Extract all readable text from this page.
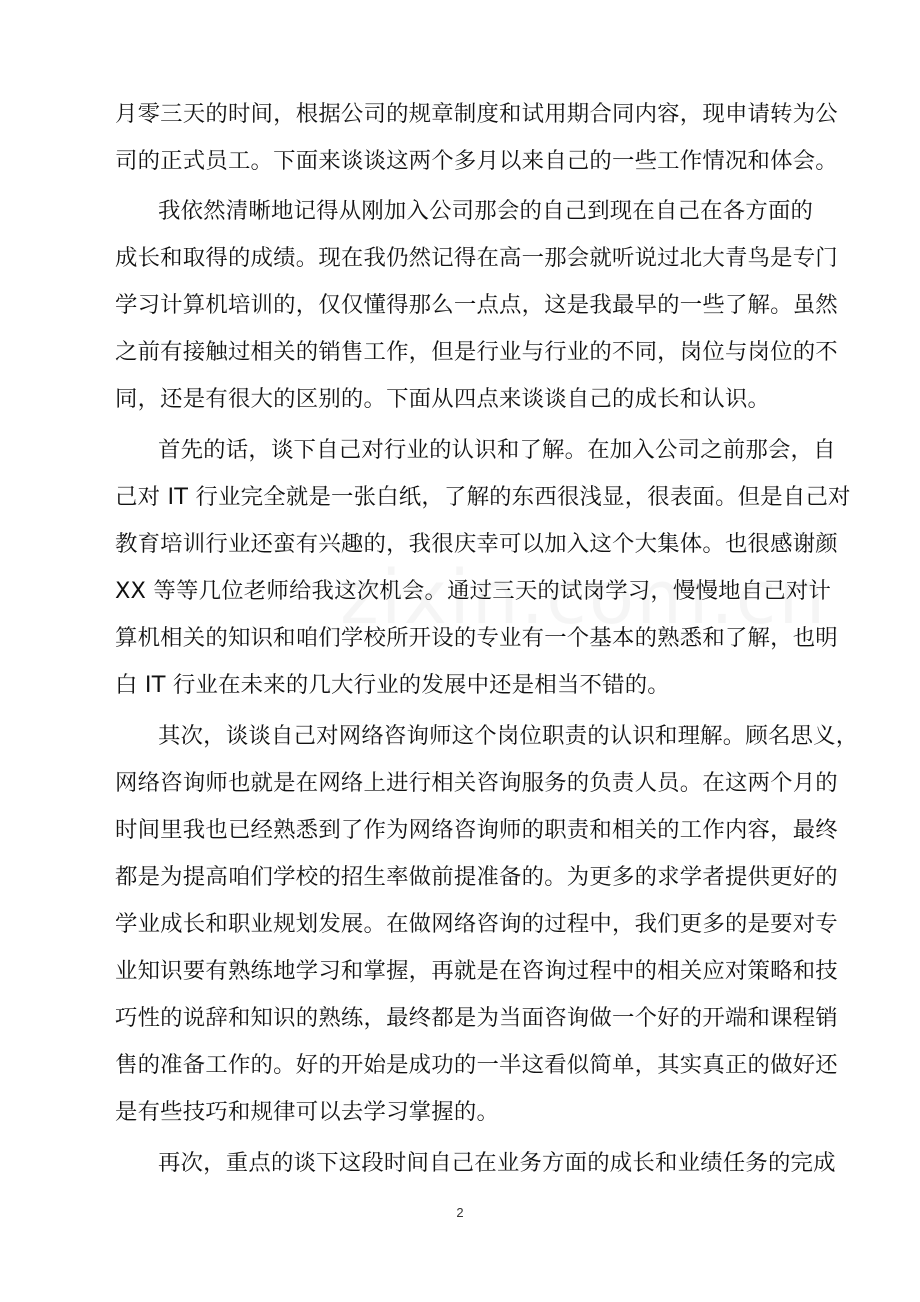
月零三天的时间，根据公司的规章制度和试用期合同内容，现申请转为公
司的正式员工。下面来谈谈这两个多月以来自己的一些工作情况和体会。
我依然清晰地记得从刚加入公司那会的自己到现在自己在各方面的
成长和取得的成绩。现在我仍然记得在高一那会就听说过北大青鸟是专门
学习计算机培训的，仅仅懂得那么一点点，这是我最早的一些了解。虽然
之前有接触过相关的销售工作，但是行业与行业的不同，岗位与岗位的不
同，还是有很大的区别的。下面从四点来谈谈自己的成长和认识。
首先的话，谈下自己对行业的认识和了解。在加入公司之前那会，自
己对 IT 行业完全就是一张白纸，了解的东西很浅显，很表面。但是自己对
教育培训行业还蛮有兴趣的，我很庆幸可以加入这个大集体。也很感谢颜
XX 等等几位老师给我这次机会。通过三天的试岗学习，慢慢地自己对计
算机相关的知识和咱们学校所开设的专业有一个基本的熟悉和了解，也明
白 IT 行业在未来的几大行业的发展中还是相当不错的。
其次，谈谈自己对网络咨询师这个岗位职责的认识和理解。顾名思义，
网络咨询师也就是在网络上进行相关咨询服务的负责人员。在这两个月的
时间里我也已经熟悉到了作为网络咨询师的职责和相关的工作内容，最终
都是为提高咱们学校的招生率做前提准备的。为更多的求学者提供更好的
学业成长和职业规划发展。在做网络咨询的过程中，我们更多的是要对专
业知识要有熟练地学习和掌握，再就是在咨询过程中的相关应对策略和技
巧性的说辞和知识的熟练，最终都是为当面咨询做一个好的开端和课程销
售的准备工作的。好的开始是成功的一半这看似简单，其实真正的做好还
是有些技巧和规律可以去学习掌握的。
再次，重点的谈下这段时间自己在业务方面的成长和业绩任务的完成
2
